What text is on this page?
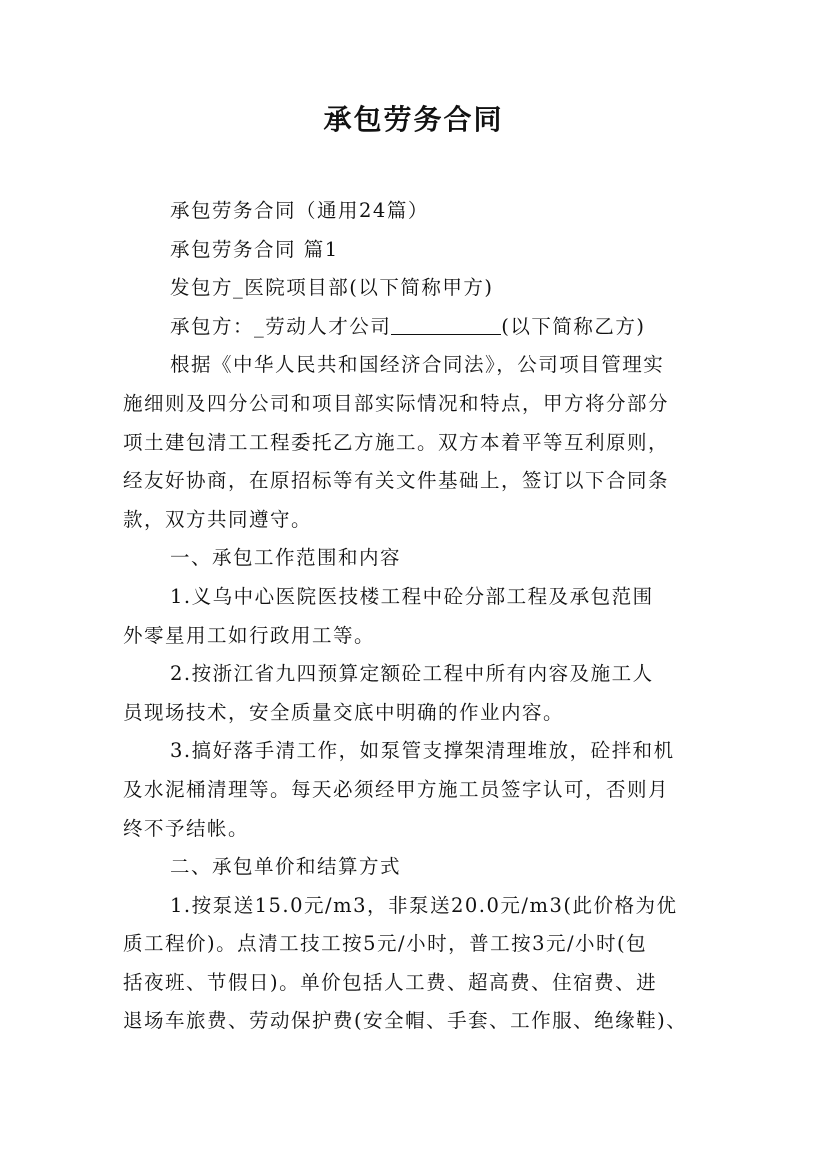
承包劳务合同
承包劳务合同（通用24篇）
承包劳务合同 篇1
发包方_医院项目部(以下简称甲方)
承包方：_劳动人才公司	(以下简称乙方)
根据《中华人民共和国经济合同法》，公司项目管理实
施细则及四分公司和项目部实际情况和特点，甲方将分部分
项土建包清工工程委托乙方施工。双方本着平等互利原则，
经友好协商，在原招标等有关文件基础上，签订以下合同条
款，双方共同遵守。
一、承包工作范围和内容
1.义乌中心医院医技楼工程中砼分部工程及承包范围
外零星用工如行政用工等。
2.按浙江省九四预算定额砼工程中所有内容及施工人
员现场技术，安全质量交底中明确的作业内容。
3.搞好落手清工作，如泵管支撑架清理堆放，砼拌和机
及水泥桶清理等。每天必须经甲方施工员签字认可，否则月
终不予结帐。
二、承包单价和结算方式
1.按泵送15.0元/m3，非泵送20.0元/m3(此价格为优
质工程价)。点清工技工按5元/小时，普工按3元/小时(包
括夜班、节假日)。单价包括人工费、超高费、住宿费、进
退场车旅费、劳动保护费(安全帽、手套、工作服、绝缘鞋)、
